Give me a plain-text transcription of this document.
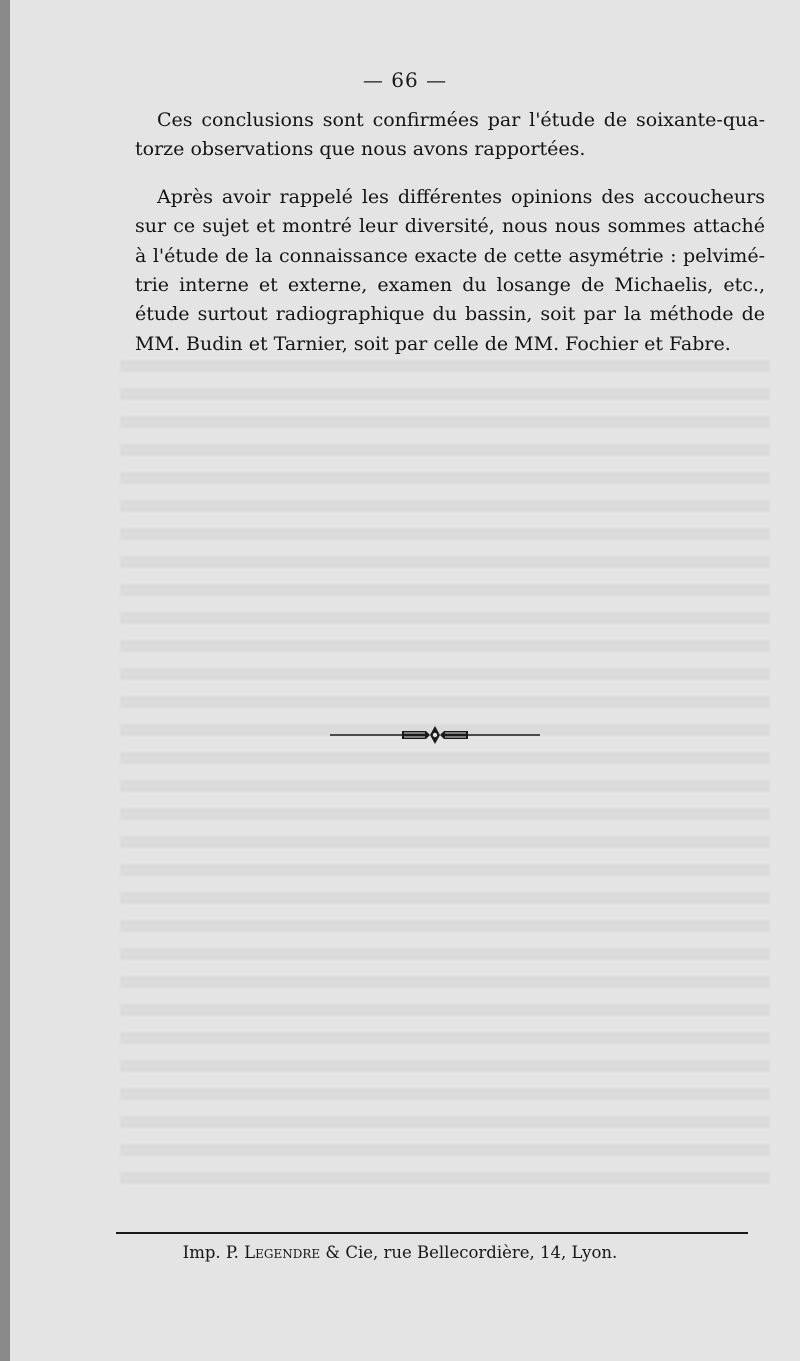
— 66 —

Ces conclusions sont confirmées par l'étude de soixante-qua-
torze observations que nous avons rapportées.

Après avoir rappelé les différentes opinions des accoucheurs
sur ce sujet et montré leur diversité, nous nous sommes attaché
à l'étude de la connaissance exacte de cette asymétrie : pelvimé-
trie interne et externe, examen du losange de Michaelis, etc.,
étude surtout radiographique du bassin, soit par la méthode de
MM. Budin et Tarnier, soit par celle de MM. Fochier et Fabre.

Imp. P. Legendre & Cie, rue Bellecordière, 14, Lyon.
